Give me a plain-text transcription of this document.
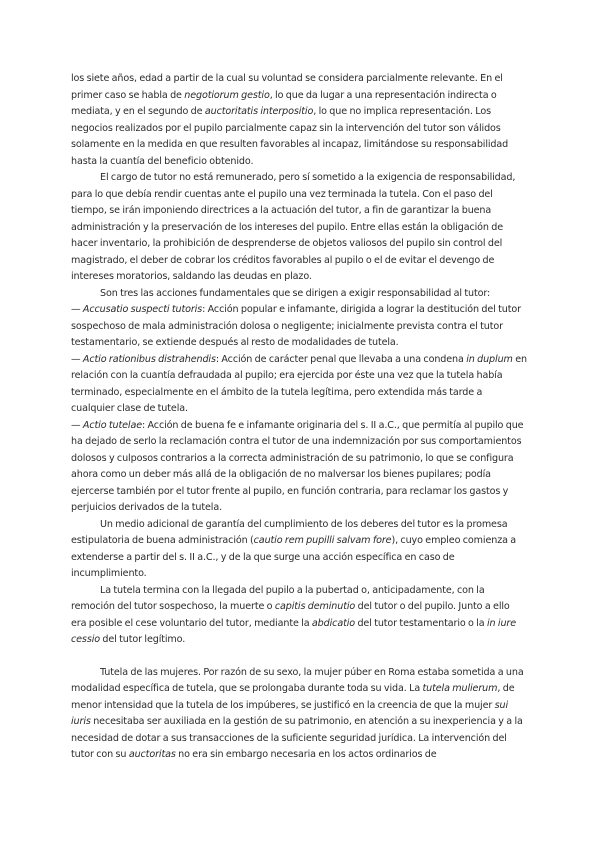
los siete años, edad a partir de la cual su voluntad se considera parcialmente relevante. En el primer caso se habla de negotiorum gestio, lo que da lugar a una representación indirecta o mediata, y en el segundo de auctoritatis interpositio, lo que no implica representación. Los negocios realizados por el pupilo parcialmente capaz sin la intervención del tutor son válidos solamente en la medida en que resulten favorables al incapaz, limitándose su responsabilidad hasta la cuantía del beneficio obtenido.

El cargo de tutor no está remunerado, pero sí sometido a la exigencia de responsabilidad, para lo que debía rendir cuentas ante el pupilo una vez terminada la tutela. Con el paso del tiempo, se irán imponiendo directrices a la actuación del tutor, a fin de garantizar la buena administración y la preservación de los intereses del pupilo. Entre ellas están la obligación de hacer inventario, la prohibición de desprenderse de objetos valiosos del pupilo sin control del magistrado, el deber de cobrar los créditos favorables al pupilo o el de evitar el devengo de intereses moratorios, saldando las deudas en plazo.

Son tres las acciones fundamentales que se dirigen a exigir responsabilidad al tutor:

— Accusatio suspecti tutoris: Acción popular e infamante, dirigida a lograr la destitución del tutor sospechoso de mala administración dolosa o negligente; inicialmente prevista contra el tutor testamentario, se extiende después al resto de modalidades de tutela.

— Actio rationibus distrahendis: Acción de carácter penal que llevaba a una condena in duplum en relación con la cuantía defraudada al pupilo; era ejercida por éste una vez que la tutela había terminado, especialmente en el ámbito de la tutela legítima, pero extendida más tarde a cualquier clase de tutela.

— Actio tutelae: Acción de buena fe e infamante originaria del s. II a.C., que permitía al pupilo que ha dejado de serlo la reclamación contra el tutor de una indemnización por sus comportamientos dolosos y culposos contrarios a la correcta administración de su patrimonio, lo que se configura ahora como un deber más allá de la obligación de no malversar los bienes pupilares; podía ejercerse también por el tutor frente al pupilo, en función contraria, para reclamar los gastos y perjuicios derivados de la tutela.

Un medio adicional de garantía del cumplimiento de los deberes del tutor es la promesa estipulatoria de buena administración (cautio rem pupilli salvam fore), cuyo empleo comienza a extenderse a partir del s. II a.C., y de la que surge una acción específica en caso de incumplimiento.

La tutela termina con la llegada del pupilo a la pubertad o, anticipadamente, con la remoción del tutor sospechoso, la muerte o capitis deminutio del tutor o del pupilo. Junto a ello era posible el cese voluntario del tutor, mediante la abdicatio del tutor testamentario o la in iure cessio del tutor legítimo.

Tutela de las mujeres. Por razón de su sexo, la mujer púber en Roma estaba sometida a una modalidad específica de tutela, que se prolongaba durante toda su vida. La tutela mulierum, de menor intensidad que la tutela de los impúberes, se justificó en la creencia de que la mujer sui iuris necesitaba ser auxiliada en la gestión de su patrimonio, en atención a su inexperiencia y a la necesidad de dotar a sus transacciones de la suficiente seguridad jurídica. La intervención del tutor con su auctoritas no era sin embargo necesaria en los actos ordinarios de
